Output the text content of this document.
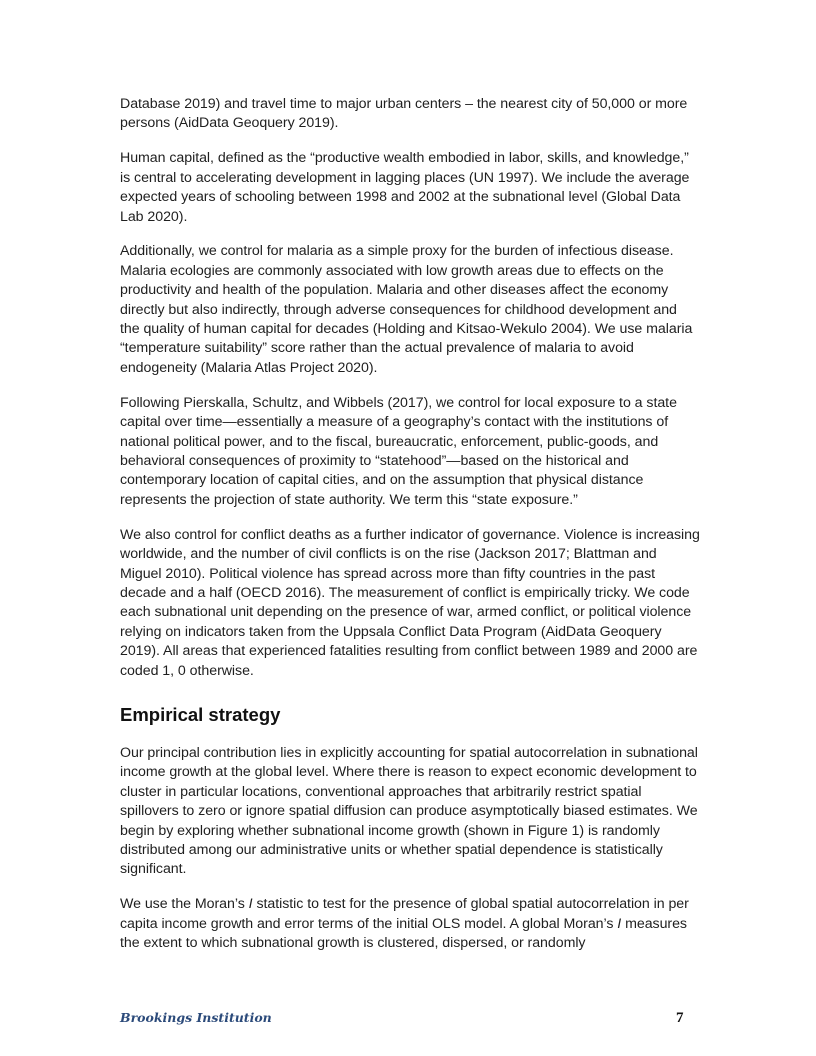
Database 2019) and travel time to major urban centers – the nearest city of 50,000 or more persons (AidData Geoquery 2019).

Human capital, defined as the “productive wealth embodied in labor, skills, and knowledge,” is central to accelerating development in lagging places (UN 1997). We include the average expected years of schooling between 1998 and 2002 at the subnational level (Global Data Lab 2020).

Additionally, we control for malaria as a simple proxy for the burden of infectious disease. Malaria ecologies are commonly associated with low growth areas due to effects on the productivity and health of the population. Malaria and other diseases affect the economy directly but also indirectly, through adverse consequences for childhood development and the quality of human capital for decades (Holding and Kitsao-Wekulo 2004). We use malaria “temperature suitability” score rather than the actual prevalence of malaria to avoid endogeneity (Malaria Atlas Project 2020).

Following Pierskalla, Schultz, and Wibbels (2017), we control for local exposure to a state capital over time—essentially a measure of a geography’s contact with the institutions of national political power, and to the fiscal, bureaucratic, enforcement, public-goods, and behavioral consequences of proximity to “statehood”—based on the historical and contemporary location of capital cities, and on the assumption that physical distance represents the projection of state authority. We term this “state exposure.”

We also control for conflict deaths as a further indicator of governance. Violence is increasing worldwide, and the number of civil conflicts is on the rise (Jackson 2017; Blattman and Miguel 2010). Political violence has spread across more than fifty countries in the past decade and a half (OECD 2016). The measurement of conflict is empirically tricky. We code each subnational unit depending on the presence of war, armed conflict, or political violence relying on indicators taken from the Uppsala Conflict Data Program (AidData Geoquery 2019). All areas that experienced fatalities resulting from conflict between 1989 and 2000 are coded 1, 0 otherwise.

Empirical strategy

Our principal contribution lies in explicitly accounting for spatial autocorrelation in subnational income growth at the global level. Where there is reason to expect economic development to cluster in particular locations, conventional approaches that arbitrarily restrict spatial spillovers to zero or ignore spatial diffusion can produce asymptotically biased estimates. We begin by exploring whether subnational income growth (shown in Figure 1) is randomly distributed among our administrative units or whether spatial dependence is statistically significant.

We use the Moran’s I statistic to test for the presence of global spatial autocorrelation in per capita income growth and error terms of the initial OLS model. A global Moran’s I measures the extent to which subnational growth is clustered, dispersed, or randomly

Brookings Institution	7
